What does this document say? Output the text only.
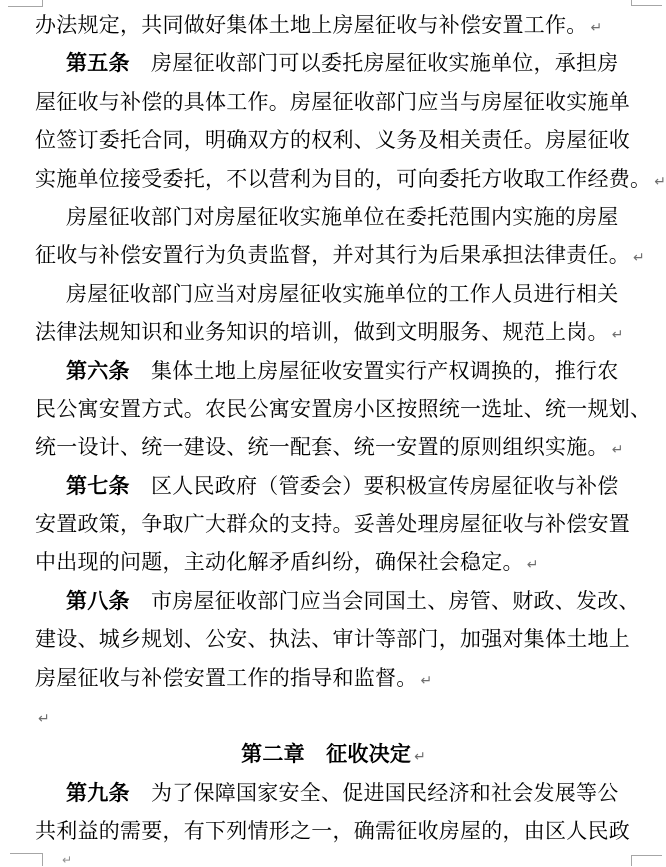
办法规定，共同做好集体土地上房屋征收与补偿安置工作。 ↵
第五条　房屋征收部门可以委托房屋征收实施单位，承担房
屋征收与补偿的具体工作。房屋征收部门应当与房屋征收实施单
位签订委托合同，明确双方的权利、义务及相关责任。房屋征收
实施单位接受委托，不以营利为目的，可向委托方收取工作经费。 ↵
房屋征收部门对房屋征收实施单位在委托范围内实施的房屋
征收与补偿安置行为负责监督，并对其行为后果承担法律责任。 ↵
房屋征收部门应当对房屋征收实施单位的工作人员进行相关
法律法规知识和业务知识的培训，做到文明服务、规范上岗。 ↵
第六条　集体土地上房屋征收安置实行产权调换的，推行农
民公寓安置方式。农民公寓安置房小区按照统一选址、统一规划、
统一设计、统一建设、统一配套、统一安置的原则组织实施。 ↵
第七条　区人民政府（管委会）要积极宣传房屋征收与补偿
安置政策，争取广大群众的支持。妥善处理房屋征收与补偿安置
中出现的问题，主动化解矛盾纠纷，确保社会稳定。 ↵
第八条　市房屋征收部门应当会同国土、房管、财政、发改、
建设、城乡规划、公安、执法、审计等部门，加强对集体土地上
房屋征收与补偿安置工作的指导和监督。 ↵
↵
第二章　征收决定 ↵
第九条　为了保障国家安全、促进国民经济和社会发展等公
共利益的需要，有下列情形之一，确需征收房屋的，由区人民政
↵
